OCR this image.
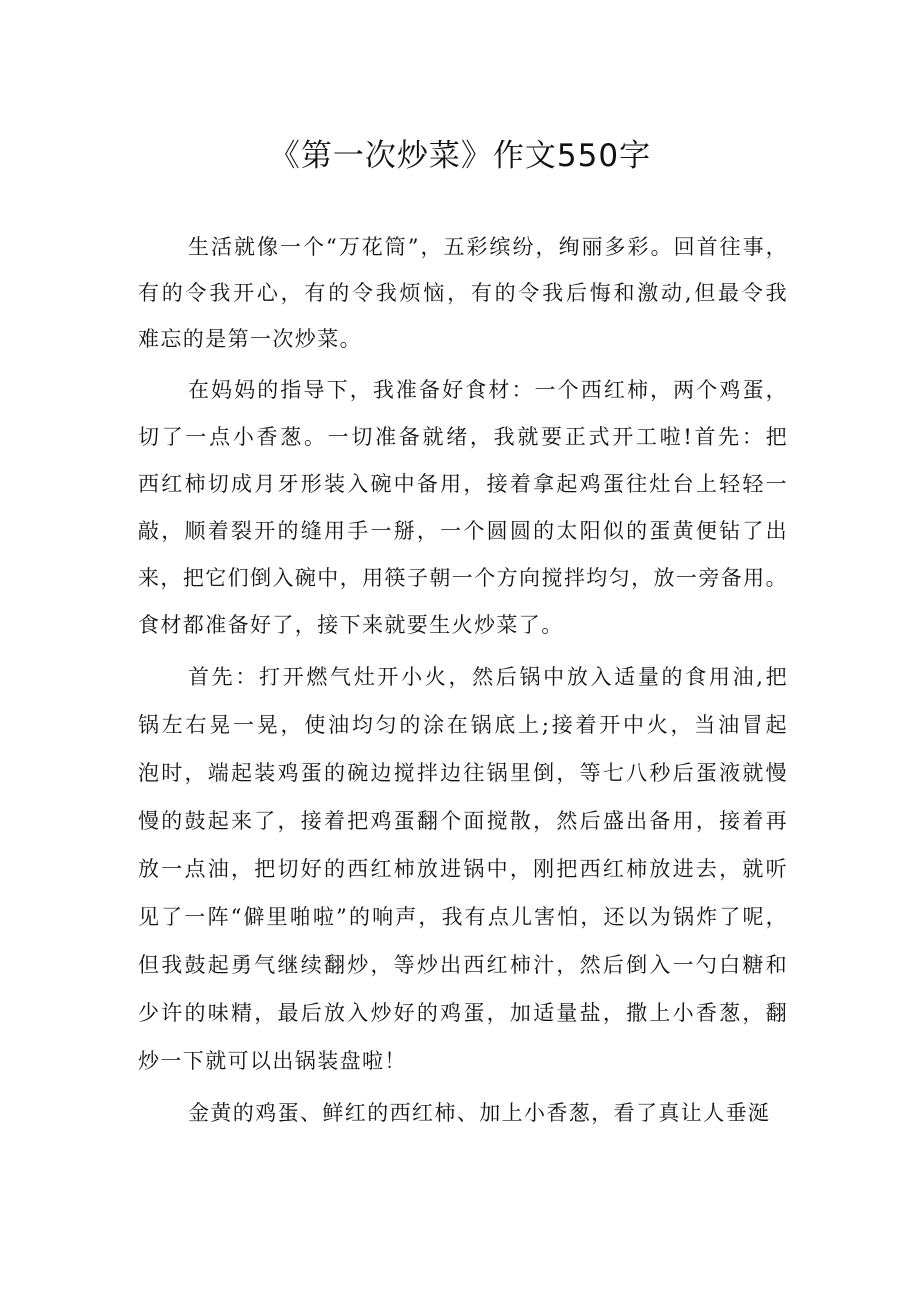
《第一次炒菜》作文550字
生活就像一个“万花筒”，五彩缤纷，绚丽多彩。回首往事，
有的令我开心，有的令我烦恼，有的令我后悔和激动,但最令我
难忘的是第一次炒菜。
在妈妈的指导下，我准备好食材：一个西红柿，两个鸡蛋，
切了一点小香葱。一切准备就绪，我就要正式开工啦!首先：把
西红柿切成月牙形装入碗中备用，接着拿起鸡蛋往灶台上轻轻一
敲，顺着裂开的缝用手一掰，一个圆圆的太阳似的蛋黄便钻了出
来，把它们倒入碗中，用筷子朝一个方向搅拌均匀，放一旁备用。
食材都准备好了，接下来就要生火炒菜了。
首先：打开燃气灶开小火，然后锅中放入适量的食用油,把
锅左右晃一晃，使油均匀的涂在锅底上;接着开中火，当油冒起
泡时，端起装鸡蛋的碗边搅拌边往锅里倒，等七八秒后蛋液就慢
慢的鼓起来了，接着把鸡蛋翻个面搅散，然后盛出备用，接着再
放一点油，把切好的西红柿放进锅中，刚把西红柿放进去，就听
见了一阵“僻里啪啦”的响声，我有点儿害怕，还以为锅炸了呢，
但我鼓起勇气继续翻炒，等炒出西红柿汁，然后倒入一勺白糖和
少许的味精，最后放入炒好的鸡蛋，加适量盐，撒上小香葱，翻
炒一下就可以出锅装盘啦！
金黄的鸡蛋、鲜红的西红柿、加上小香葱，看了真让人垂涎
